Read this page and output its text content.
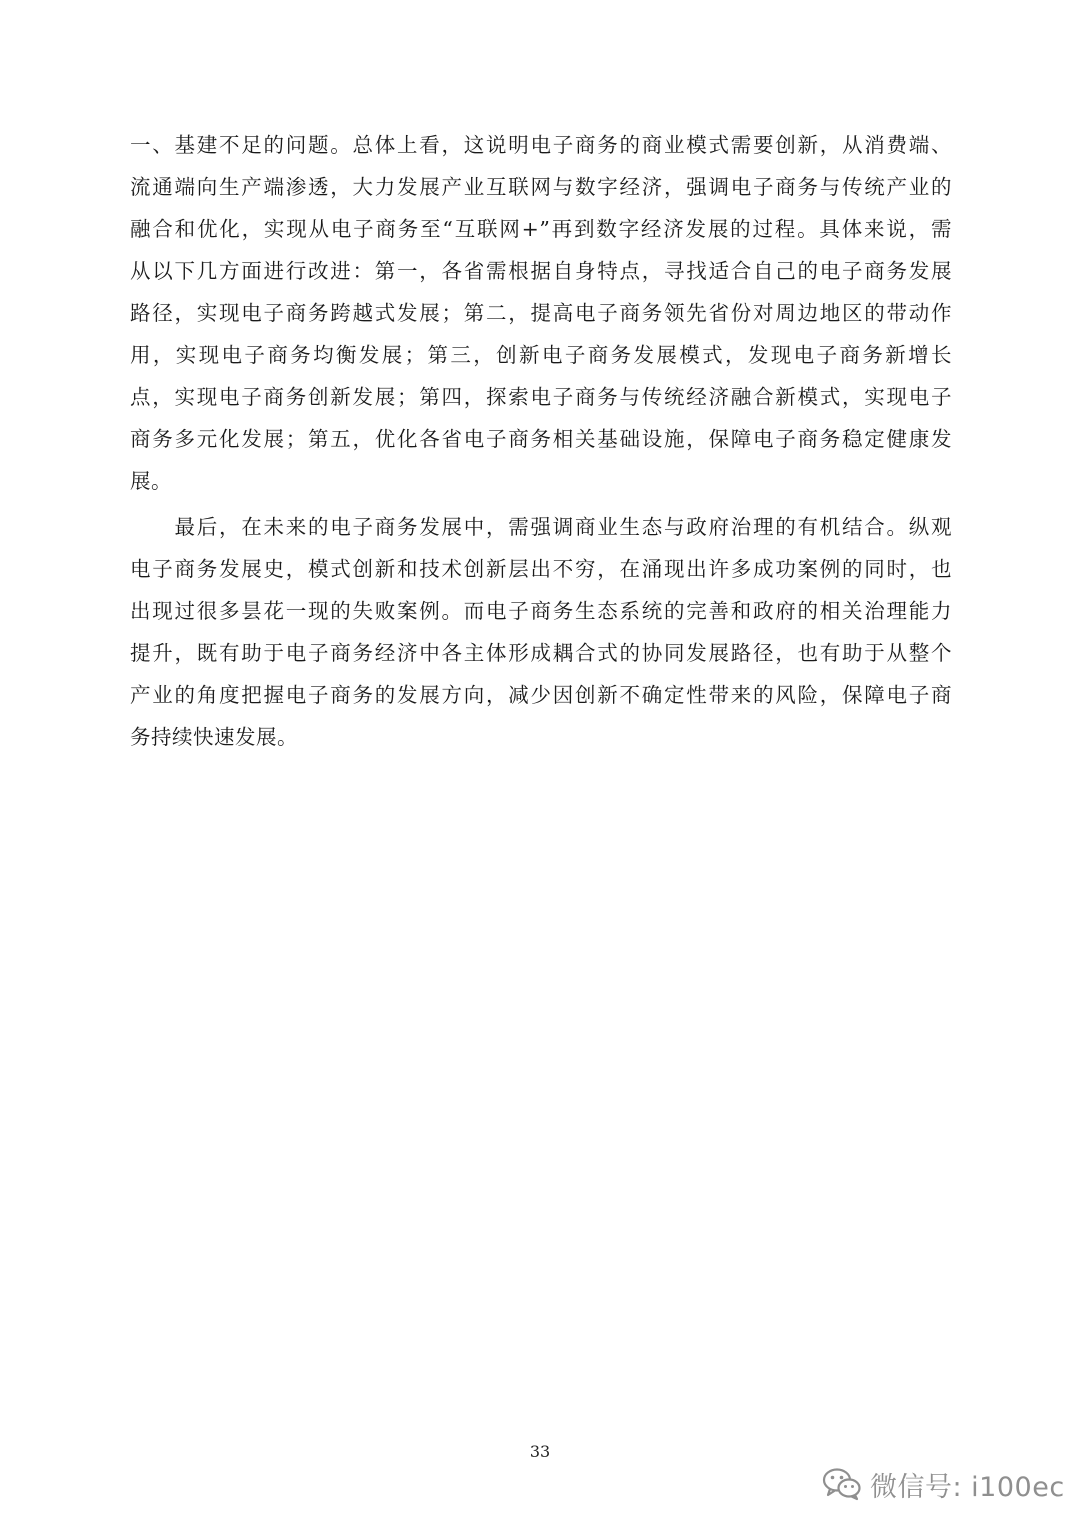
一、基建不足的问题。总体上看，这说明电子商务的商业模式需要创新，从消费端、
流通端向生产端渗透，大力发展产业互联网与数字经济，强调电子商务与传统产业的
融合和优化，实现从电子商务至“互联网+”再到数字经济发展的过程。具体来说，需
从以下几方面进行改进：第一，各省需根据自身特点，寻找适合自己的电子商务发展
路径，实现电子商务跨越式发展；第二，提高电子商务领先省份对周边地区的带动作
用，实现电子商务均衡发展；第三，创新电子商务发展模式，发现电子商务新增长
点，实现电子商务创新发展；第四，探索电子商务与传统经济融合新模式，实现电子
商务多元化发展；第五，优化各省电子商务相关基础设施，保障电子商务稳定健康发
展。
　　最后，在未来的电子商务发展中，需强调商业生态与政府治理的有机结合。纵观
电子商务发展史，模式创新和技术创新层出不穷，在涌现出许多成功案例的同时，也
出现过很多昙花一现的失败案例。而电子商务生态系统的完善和政府的相关治理能力
提升，既有助于电子商务经济中各主体形成耦合式的协同发展路径，也有助于从整个
产业的角度把握电子商务的发展方向，减少因创新不确定性带来的风险，保障电子商
务持续快速发展。
33
微信号: i100ec
